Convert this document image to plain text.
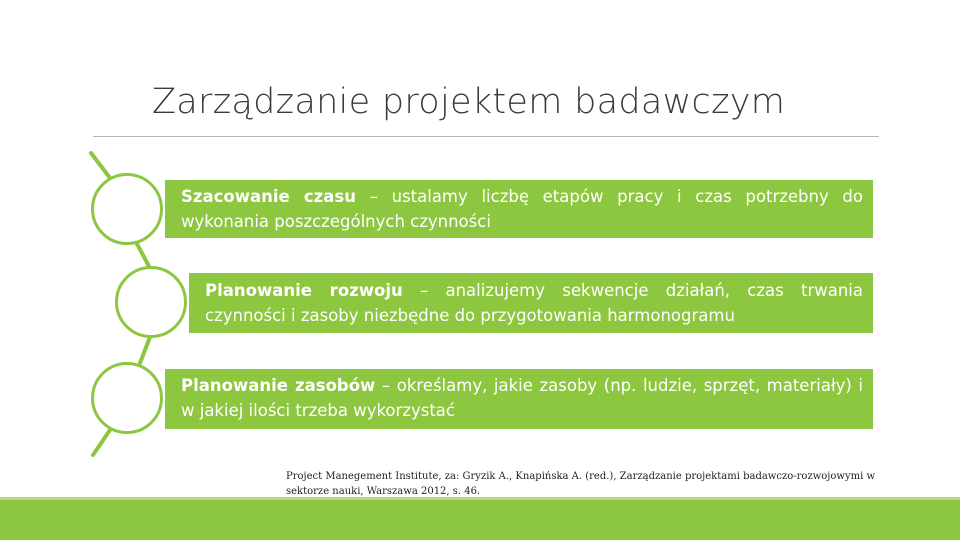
Zarządzanie projektem badawczym
Szacowanie czasu – ustalamy liczbę etapów pracy i czas potrzebny do wykonania poszczególnych czynności
Planowanie rozwoju – analizujemy sekwencje działań, czas trwania czynności i zasoby niezbędne do przygotowania harmonogramu
Planowanie zasobów – określamy, jakie zasoby (np. ludzie, sprzęt, materiały) i w jakiej ilości trzeba wykorzystać
Project Manegement Institute, za: Gryzik A., Knapińska A. (red.), Zarządzanie projektami badawczo-rozwojowymi w sektorze nauki, Warszawa 2012, s. 46.
